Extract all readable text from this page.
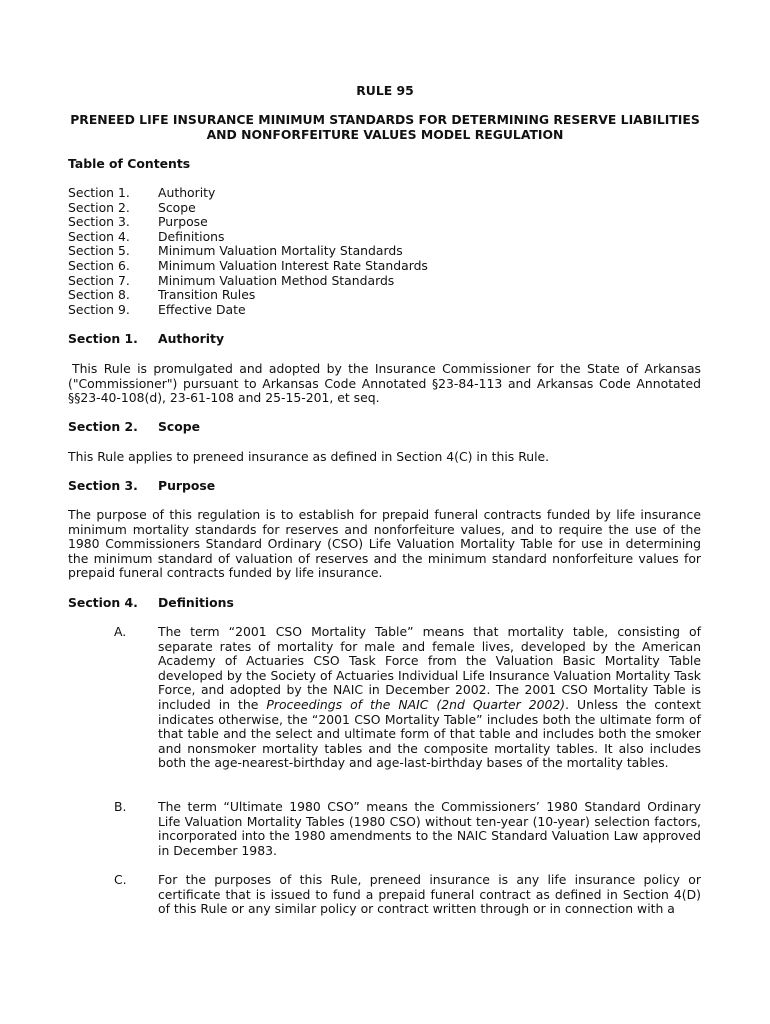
RULE 95
PRENEED LIFE INSURANCE MINIMUM STANDARDS FOR DETERMINING RESERVE LIABILITIES AND NONFORFEITURE VALUES MODEL REGULATION
Table of Contents
Section 1. Authority
Section 2. Scope
Section 3. Purpose
Section 4. Definitions
Section 5. Minimum Valuation Mortality Standards
Section 6. Minimum Valuation Interest Rate Standards
Section 7. Minimum Valuation Method Standards
Section 8. Transition Rules
Section 9. Effective Date
Section 1. Authority
This Rule is promulgated and adopted by the Insurance Commissioner for the State of Arkansas ("Commissioner") pursuant to Arkansas Code Annotated §23-84-113 and Arkansas Code Annotated §§23-40-108(d), 23-61-108 and 25-15-201, et seq.
Section 2. Scope
This Rule applies to preneed insurance as defined in Section 4(C) in this Rule.
Section 3. Purpose
The purpose of this regulation is to establish for prepaid funeral contracts funded by life insurance minimum mortality standards for reserves and nonforfeiture values, and to require the use of the 1980 Commissioners Standard Ordinary (CSO) Life Valuation Mortality Table for use in determining the minimum standard of valuation of reserves and the minimum standard nonforfeiture values for prepaid funeral contracts funded by life insurance.
Section 4. Definitions
A.	The term “2001 CSO Mortality Table” means that mortality table, consisting of separate rates of mortality for male and female lives, developed by the American Academy of Actuaries CSO Task Force from the Valuation Basic Mortality Table developed by the Society of Actuaries Individual Life Insurance Valuation Mortality Task Force, and adopted by the NAIC in December 2002. The 2001 CSO Mortality Table is included in the Proceedings of the NAIC (2nd Quarter 2002). Unless the context indicates otherwise, the “2001 CSO Mortality Table” includes both the ultimate form of that table and the select and ultimate form of that table and includes both the smoker and nonsmoker mortality tables and the composite mortality tables. It also includes both the age-nearest-birthday and age-last-birthday bases of the mortality tables.
B.	The term “Ultimate 1980 CSO” means the Commissioners’ 1980 Standard Ordinary Life Valuation Mortality Tables (1980 CSO) without ten-year (10-year) selection factors, incorporated into the 1980 amendments to the NAIC Standard Valuation Law approved in December 1983.
C.	For the purposes of this Rule, preneed insurance is any life insurance policy or certificate that is issued to fund a prepaid funeral contract as defined in Section 4(D) of this Rule or any similar policy or contract written through or in connection with a
